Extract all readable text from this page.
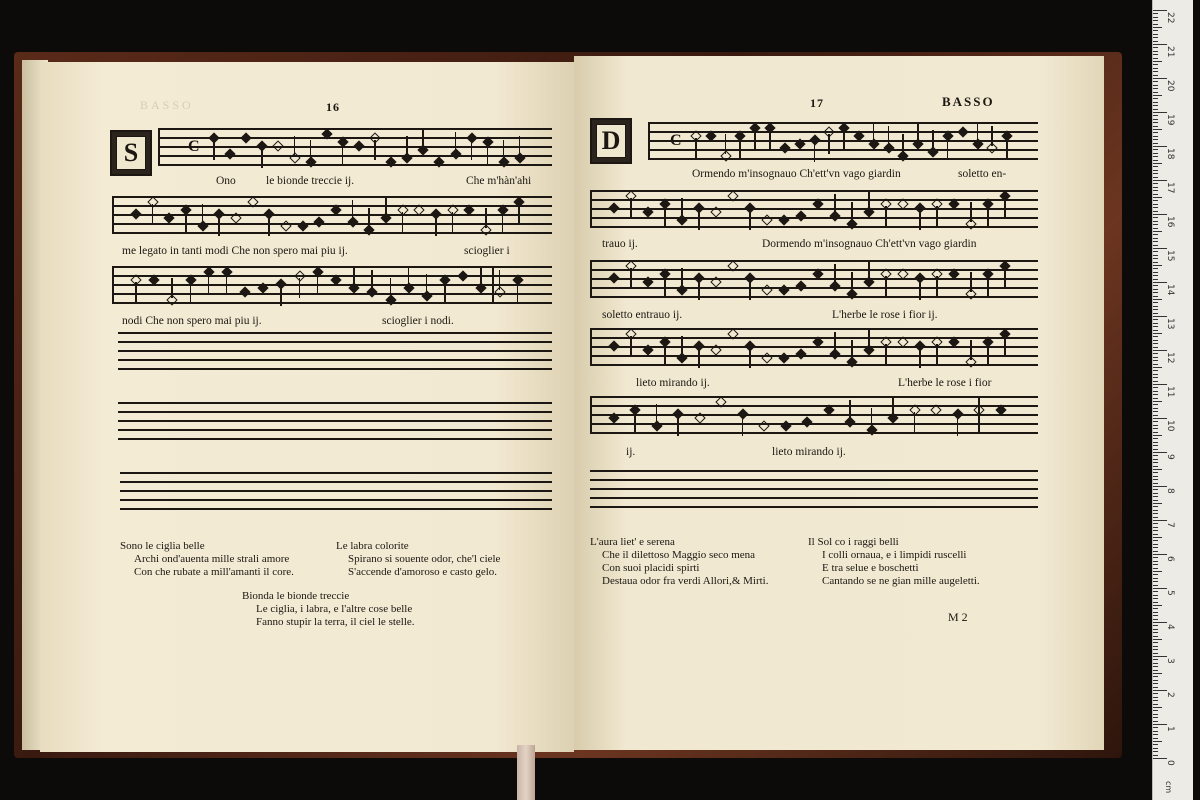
BASSO	16
S	C
Ono	le bionde treccie ij.	Che m'hàn'ahi
me legato in tanti modi Che non spero mai piu ij.	scioglier i
nodi Che non spero mai piu ij.	scioglier i nodi.
Sono le ciglia belle
Archi ond'auenta mille strali amore
Con che rubate a mill'amanti il core.
Le labra colorite
Spirano si souente odor, che'l ciele
S'accende d'amoroso e casto gelo.
Bionda le bionde treccie
Le ciglia, i labra, e l'altre cose belle
Fanno stupir la terra, il ciel le stelle.
17	BASSO
D	C
Ormendo m'insognauo Ch'ett'vn vago giardin	soletto en-
trauo ij.	Dormendo m'insognauo Ch'ett'vn vago giardin
soletto entrauo ij.	L'herbe le rose i fior ij.
lieto mirando ij.	L'herbe le rose i fior
ij.	lieto mirando ij.
L'aura liet' e serena
Che il dilettoso Maggio seco mena
Con suoi placidi spirti
Destaua odor fra verdi Allori,& Mirti.
Il Sol co i raggi belli
I colli ornaua, e i limpidi ruscelli
E tra selue e boschetti
Cantando se ne gian mille augeletti.
M 2
cm
22
21
20
19
18
17
16
15
14
13
12
11
10
9
8
7
6
5
4
3
2
1
0
